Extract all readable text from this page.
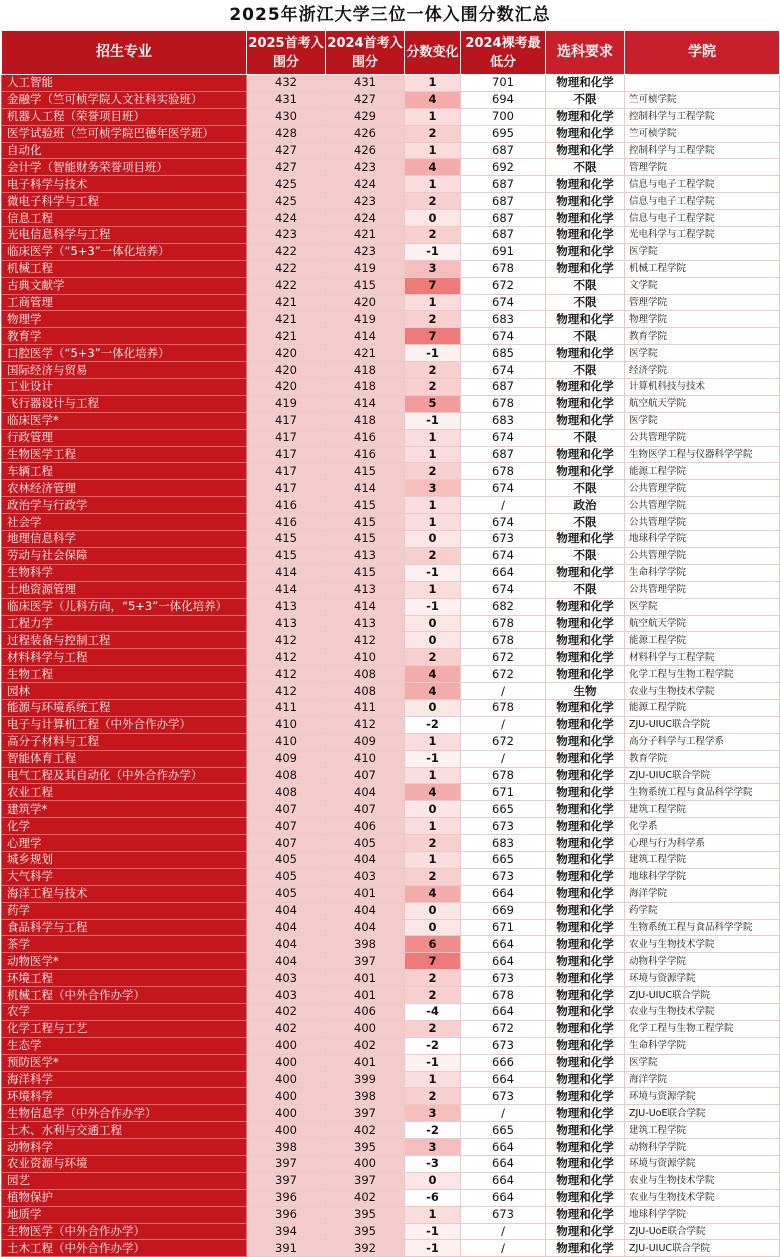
2025年浙江大学三位一体入围分数汇总
招生专业	2025首考入围分	2024首考入围分	分数变化	2024裸考最低分	选科要求	学院
人工智能	432	431	1	701	物理和化学	
金融学（竺可桢学院人文社科实验班）	431	427	4	694	不限	竺可桢学院
机器人工程（荣誉项目班）	430	429	1	700	物理和化学	控制科学与工程学院
医学试验班（竺可桢学院巴德年医学班）	428	426	2	695	物理和化学	竺可桢学院
自动化	427	426	1	687	物理和化学	控制科学与工程学院
会计学（智能财务荣誉项目班）	427	423	4	692	不限	管理学院
电子科学与技术	425	424	1	687	物理和化学	信息与电子工程学院
微电子科学与工程	425	423	2	687	物理和化学	信息与电子工程学院
信息工程	424	424	0	687	物理和化学	信息与电子工程学院
光电信息科学与工程	423	421	2	687	物理和化学	光电科学与工程学院
临床医学（“5+3”一体化培养）	422	423	-1	691	物理和化学	医学院
机械工程	422	419	3	678	物理和化学	机械工程学院
古典文献学	422	415	7	672	不限	文学院
工商管理	421	420	1	674	不限	管理学院
物理学	421	419	2	683	物理和化学	物理学院
教育学	421	414	7	674	不限	教育学院
口腔医学（“5+3”一体化培养）	420	421	-1	685	物理和化学	医学院
国际经济与贸易	420	418	2	674	不限	经济学院
工业设计	420	418	2	687	物理和化学	计算机科技与技术
飞行器设计与工程	419	414	5	678	物理和化学	航空航天学院
临床医学*	417	418	-1	683	物理和化学	医学院
行政管理	417	416	1	674	不限	公共管理学院
生物医学工程	417	416	1	687	物理和化学	生物医学工程与仪器科学学院
车辆工程	417	415	2	678	物理和化学	能源工程学院
农林经济管理	417	414	3	674	不限	公共管理学院
政治学与行政学	416	415	1	/	政治	公共管理学院
社会学	416	415	1	674	不限	公共管理学院
地理信息科学	415	415	0	673	物理和化学	地球科学学院
劳动与社会保障	415	413	2	674	不限	公共管理学院
生物科学	414	415	-1	664	物理和化学	生命科学学院
土地资源管理	414	413	1	674	不限	公共管理学院
临床医学（儿科方向，“5+3”一体化培养）	413	414	-1	682	物理和化学	医学院
工程力学	413	413	0	678	物理和化学	航空航天学院
过程装备与控制工程	412	412	0	678	物理和化学	能源工程学院
材料科学与工程	412	410	2	672	物理和化学	材料科学与工程学院
生物工程	412	408	4	672	物理和化学	化学工程与生物工程学院
园林	412	408	4	/	生物	农业与生物技术学院
能源与环境系统工程	411	411	0	678	物理和化学	能源工程学院
电子与计算机工程（中外合作办学）	410	412	-2	/	物理和化学	ZJU-UIUC联合学院
高分子材料与工程	410	409	1	672	物理和化学	高分子科学与工程学系
智能体育工程	409	410	-1	/	物理和化学	教育学院
电气工程及其自动化（中外合作办学）	408	407	1	678	物理和化学	ZJU-UIUC联合学院
农业工程	408	404	4	671	物理和化学	生物系统工程与食品科学学院
建筑学*	407	407	0	665	物理和化学	建筑工程学院
化学	407	406	1	673	物理和化学	化学系
心理学	407	405	2	683	物理和化学	心理与行为科学系
城乡规划	405	404	1	665	物理和化学	建筑工程学院
大气科学	405	403	2	673	物理和化学	地球科学学院
海洋工程与技术	405	401	4	664	物理和化学	海洋学院
药学	404	404	0	669	物理和化学	药学院
食品科学与工程	404	404	0	671	物理和化学	生物系统工程与食品科学学院
茶学	404	398	6	664	物理和化学	农业与生物技术学院
动物医学*	404	397	7	664	物理和化学	动物科学学院
环境工程	403	401	2	673	物理和化学	环境与资源学院
机械工程（中外合作办学）	403	401	2	678	物理和化学	ZJU-UIUC联合学院
农学	402	406	-4	664	物理和化学	农业与生物技术学院
化学工程与工艺	402	400	2	672	物理和化学	化学工程与生物工程学院
生态学	400	402	-2	673	物理和化学	生命科学学院
预防医学*	400	401	-1	666	物理和化学	医学院
海洋科学	400	399	1	664	物理和化学	海洋学院
环境科学	400	398	2	673	物理和化学	环境与资源学院
生物信息学（中外合作办学）	400	397	3	/	物理和化学	ZJU-UoE联合学院
土木、水利与交通工程	400	402	-2	665	物理和化学	建筑工程学院
动物科学	398	395	3	664	物理和化学	动物科学学院
农业资源与环境	397	400	-3	664	物理和化学	环境与资源学院
园艺	397	397	0	664	物理和化学	农业与生物技术学院
植物保护	396	402	-6	664	物理和化学	农业与生物技术学院
地质学	396	395	1	673	物理和化学	地球科学学院
生物医学（中外合作办学）	394	395	-1	/	物理和化学	ZJU-UoE联合学院
土木工程（中外合作办学）	391	392	-1	/	物理和化学	ZJU-UIUC联合学院
